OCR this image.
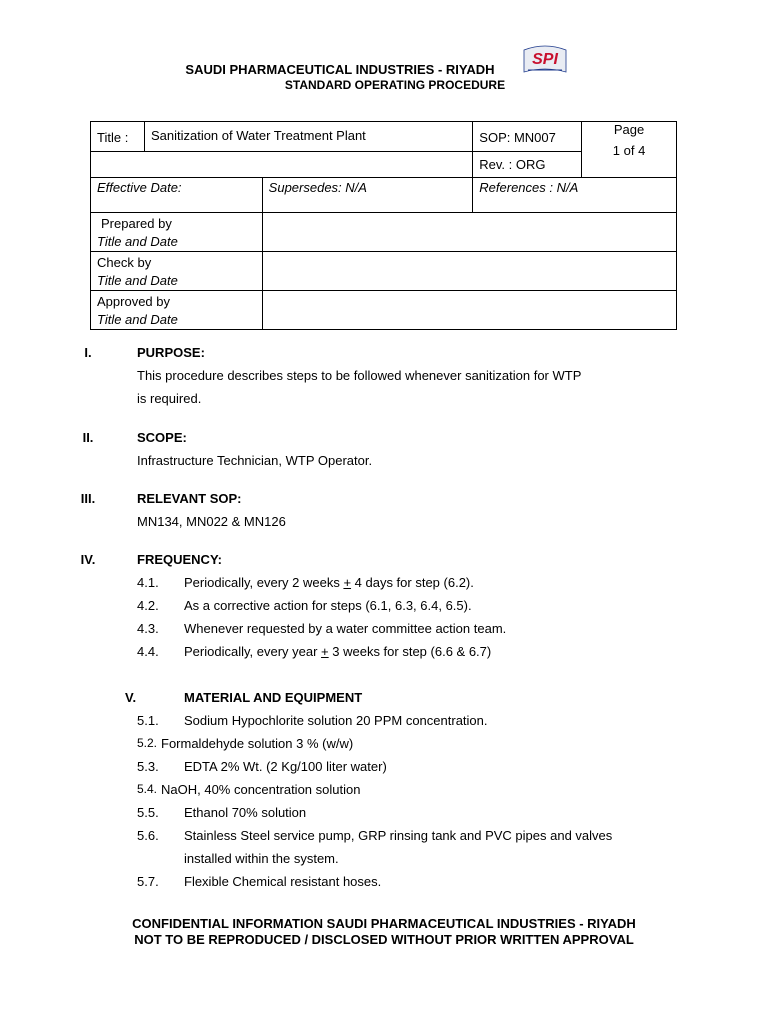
SAUDI PHARMACEUTICAL INDUSTRIES - RIYADH
STANDARD OPERATING PROCEDURE
SPI
Title :	Sanitization of Water Treatment Plant		SOP: MN007	Page
1 of 4

			Rev. : ORG	
Effective Date:		Supersedes: N/A	References : N/A	

Prepared by
Title and Date				

Check by
Title and Date				

Approved by
Title and Date				

I.	PURPOSE:
This procedure describes steps to be followed whenever sanitization for WTP
is required.
II.	SCOPE:
Infrastructure Technician, WTP Operator.
III.	RELEVANT SOP:
MN134, MN022 & MN126
IV.	FREQUENCY:
4.1. Periodically, every 2 weeks + 4 days for step (6.2).
4.2. As a corrective action for steps (6.1, 6.3, 6.4, 6.5).
4.3. Whenever requested by a water committee action team.
4.4. Periodically, every year + 3 weeks for step (6.6 & 6.7)
V.	MATERIAL AND EQUIPMENT
5.1. Sodium Hypochlorite solution 20 PPM concentration.
5.2. Formaldehyde solution 3 % (w/w)
5.3. EDTA 2% Wt. (2 Kg/100 liter water)
5.4. NaOH, 40% concentration solution
5.5. Ethanol 70% solution
5.6. Stainless Steel service pump, GRP rinsing tank and PVC pipes and valves
installed within the system.
5.7. Flexible Chemical resistant hoses.
CONFIDENTIAL INFORMATION SAUDI PHARMACEUTICAL INDUSTRIES - RIYADH
NOT TO BE REPRODUCED / DISCLOSED WITHOUT PRIOR WRITTEN APPROVAL
